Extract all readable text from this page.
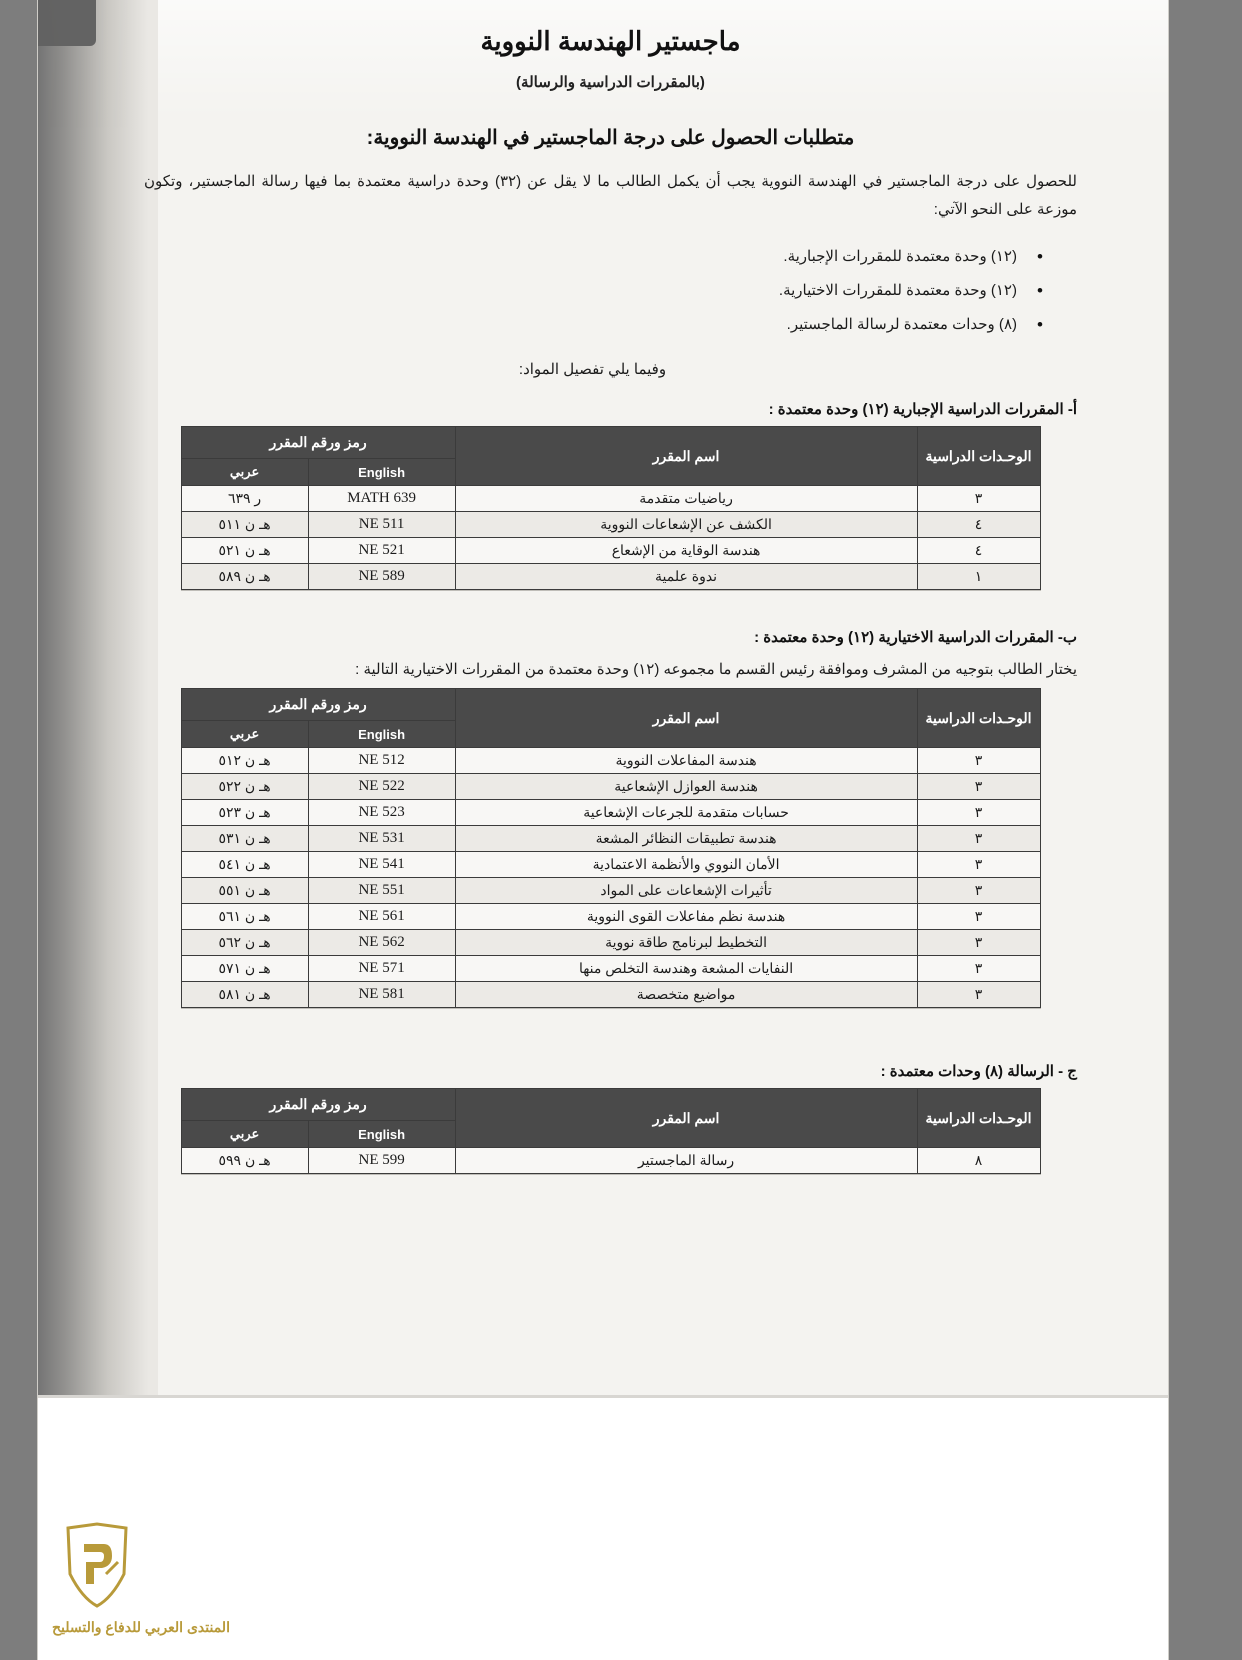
ماجستير الهندسة النووية
(بالمقررات الدراسية والرسالة)
متطلبات الحصول على درجة الماجستير في الهندسة النووية:

للحصول على درجة الماجستير في الهندسة النووية يجب أن يكمل الطالب ما لا يقل عن (٣٢) وحدة دراسية معتمدة بما فيها رسالة الماجستير، وتكون موزعة على النحو الآتي:

• (١٢) وحدة معتمدة للمقررات الإجبارية.
• (١٢) وحدة معتمدة للمقررات الاختيارية.
• (٨) وحدات معتمدة لرسالة الماجستير.
وفيما يلي تفصيل المواد:
أ- المقررات الدراسية الإجبارية (١٢) وحدة معتمدة :
الوحـدات الدراسية	اسم المقرر	رمز ورقم المقرر	
		English	عربي
٣	رياضيات متقدمة	MATH 639	ر ٦٣٩
٤	الكشف عن الإشعاعات النووية	NE 511	هـ ن ٥١١
٤	هندسة الوقاية من الإشعاع	NE 521	هـ ن ٥٢١
١	ندوة علمية	NE 589	هـ ن ٥٨٩
ب- المقررات الدراسية الاختيارية (١٢) وحدة معتمدة :
يختار الطالب بتوجيه من المشرف وموافقة رئيس القسم ما مجموعه (١٢) وحدة معتمدة من المقررات الاختيارية التالية :
الوحـدات الدراسية	اسم المقرر	رمز ورقم المقرر	
		English	عربي
٣	هندسة المفاعلات النووية	NE 512	هـ ن ٥١٢
٣	هندسة العوازل الإشعاعية	NE 522	هـ ن ٥٢٢
٣	حسابات متقدمة للجرعات الإشعاعية	NE 523	هـ ن ٥٢٣
٣	هندسة تطبيقات النظائر المشعة	NE 531	هـ ن ٥٣١
٣	الأمان النووي والأنظمة الاعتمادية	NE 541	هـ ن ٥٤١
٣	تأثيرات الإشعاعات على المواد	NE 551	هـ ن ٥٥١
٣	هندسة نظم مفاعلات القوى النووية	NE 561	هـ ن ٥٦١
٣	التخطيط لبرنامج طاقة نووية	NE 562	هـ ن ٥٦٢
٣	النفايات المشعة وهندسة التخلص منها	NE 571	هـ ن ٥٧١
٣	مواضيع متخصصة	NE 581	هـ ن ٥٨١
ج - الرسالة (٨) وحدات معتمدة :
الوحـدات الدراسية	اسم المقرر	رمز ورقم المقرر	
		English	عربي
٨	رسالة الماجستير	NE 599	هـ ن ٥٩٩
المنتدى العربي للدفاع والتسليح
